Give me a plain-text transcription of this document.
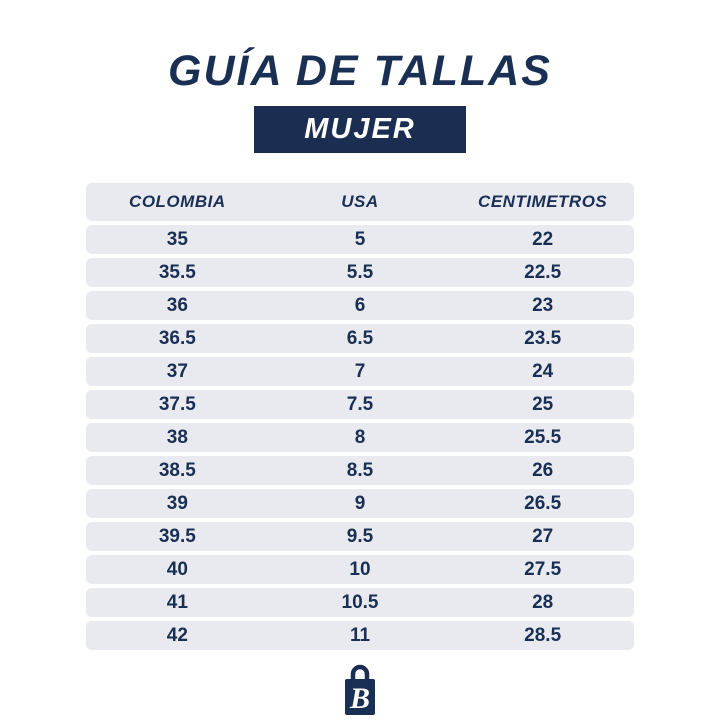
GUÍA DE TALLAS
MUJER
COLOMBIA	USA	CENTIMETROS
35	5	22
35.5	5.5	22.5
36	6	23
36.5	6.5	23.5
37	7	24
37.5	7.5	25
38	8	25.5
38.5	8.5	26
39	9	26.5
39.5	9.5	27
40	10	27.5
41	10.5	28
42	11	28.5
B
